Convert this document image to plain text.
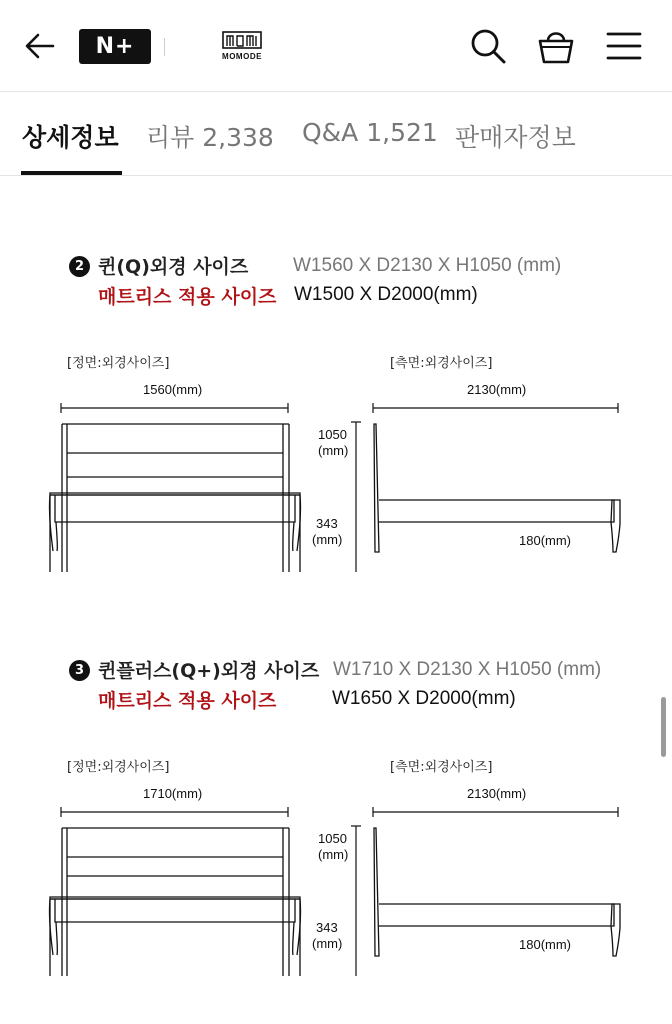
N+	MOMODE
상세정보 리뷰 2,338 Q&A 1,521 판매자정보
2 퀸(Q)외경 사이즈 W1560 X D2130 X H1050 (mm)
매트리스 적용 사이즈 W1500 X D2000(mm)
[정면:외경사이즈]	[측면:외경사이즈]
1560(mm)	2130(mm)
1050
(mm)
343
(mm)	180(mm)
3 퀸플러스(Q+)외경 사이즈 W1710 X D2130 X H1050 (mm)
매트리스 적용 사이즈	W1650 X D2000(mm)
[정면:외경사이즈]	[측면:외경사이즈]
1710(mm)	2130(mm)
1050
(mm)
343
(mm)	180(mm)
